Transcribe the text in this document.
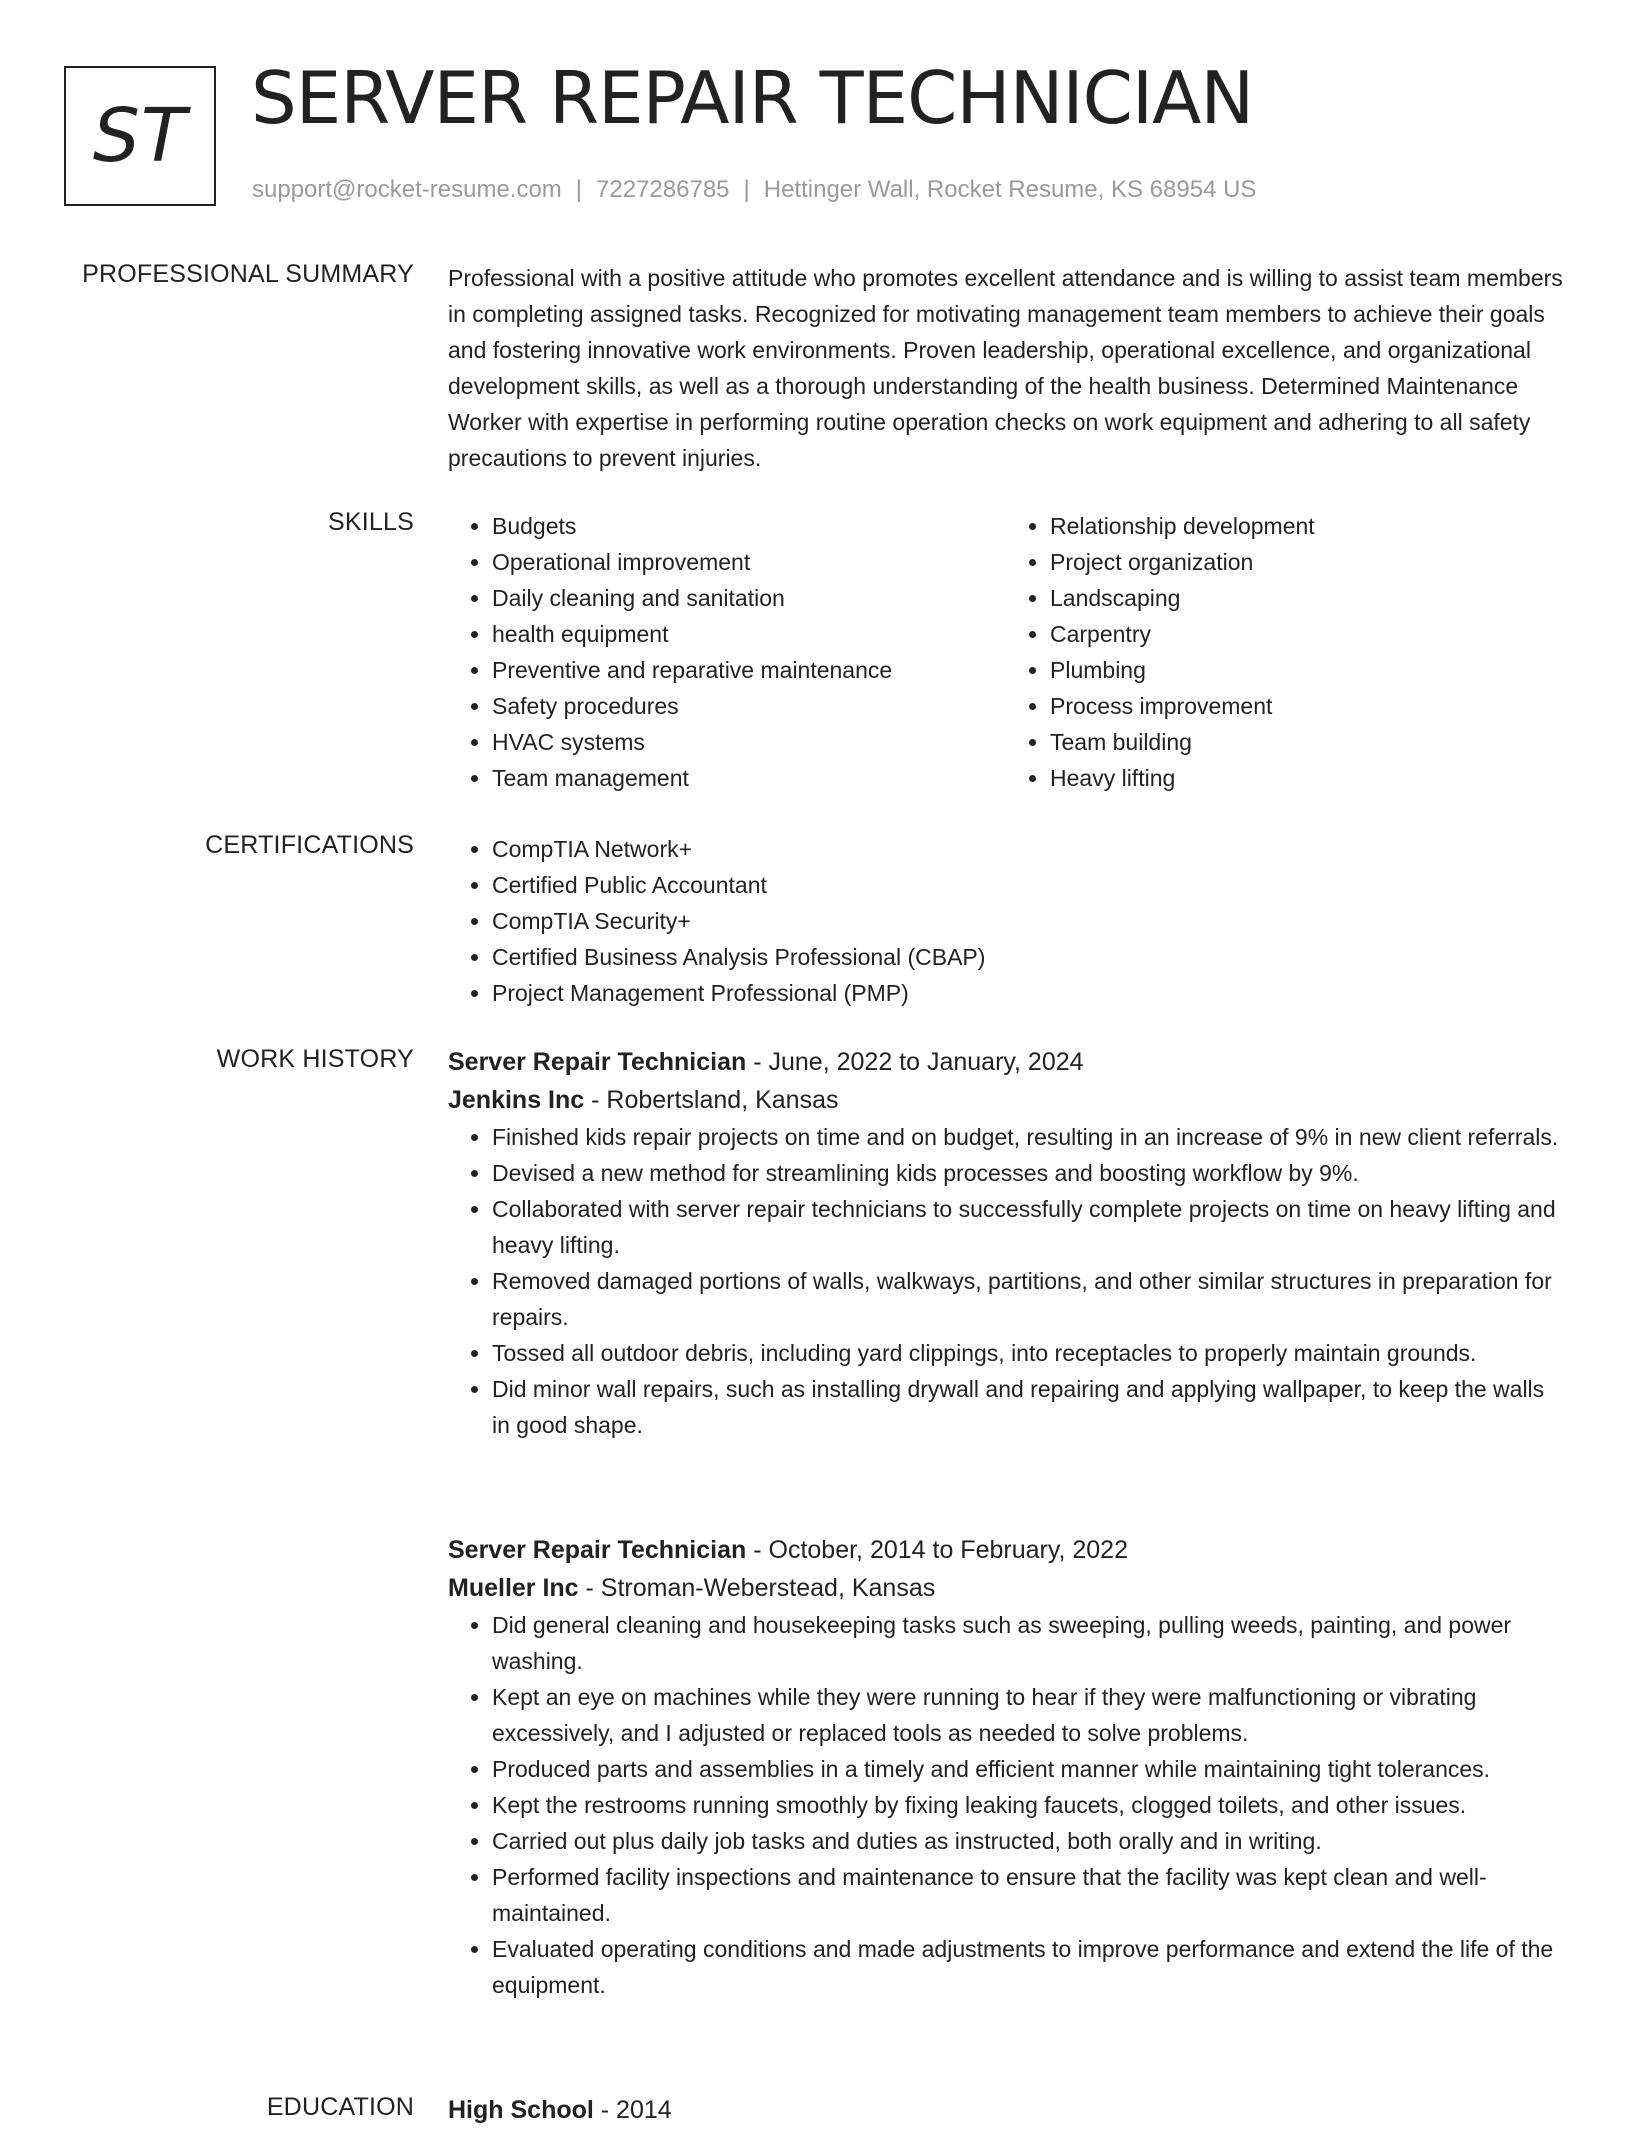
ST SERVER REPAIR TECHNICIAN
support@rocket-resume.com | 7227286785 | Hettinger Wall, Rocket Resume, KS 68954 US
PROFESSIONAL SUMMARY Professional with a positive attitude who promotes excellent attendance and is willing to assist team members in completing assigned tasks. Recognized for motivating management team members to achieve their goals and fostering innovative work environments. Proven leadership, operational excellence, and organizational development skills, as well as a thorough understanding of the health business. Determined Maintenance Worker with expertise in performing routine operation checks on work equipment and adhering to all safety precautions to prevent injuries.

SKILLS	• Budgets
• Operational improvement
• Daily cleaning and sanitation
• health equipment
• Preventive and reparative maintenance
• Safety procedures
• HVAC systems
• Team management
• Relationship development
• Project organization
• Landscaping
• Carpentry
• Plumbing
• Process improvement
• Team building
• Heavy lifting
CERTIFICATIONS	• CompTIA Network+
• Certified Public Accountant
• CompTIA Security+
• Certified Business Analysis Professional (CBAP)
• Project Management Professional (PMP)
WORK HISTORY Server Repair Technician - June, 2022 to January, 2024
Jenkins Inc - Robertsland, Kansas
• Finished kids repair projects on time and on budget, resulting in an increase of 9% in new client referrals.
• Devised a new method for streamlining kids processes and boosting workflow by 9%.
• Collaborated with server repair technicians to successfully complete projects on time on heavy lifting and heavy lifting.
• Removed damaged portions of walls, walkways, partitions, and other similar structures in preparation for repairs.
• Tossed all outdoor debris, including yard clippings, into receptacles to properly maintain grounds.
• Did minor wall repairs, such as installing drywall and repairing and applying wallpaper, to keep the walls in good shape.
Server Repair Technician - October, 2014 to February, 2022
Mueller Inc - Stroman-Weberstead, Kansas
• Did general cleaning and housekeeping tasks such as sweeping, pulling weeds, painting, and power washing.
• Kept an eye on machines while they were running to hear if they were malfunctioning or vibrating excessively, and I adjusted or replaced tools as needed to solve problems.
• Produced parts and assemblies in a timely and efficient manner while maintaining tight tolerances.
• Kept the restrooms running smoothly by fixing leaking faucets, clogged toilets, and other issues.
• Carried out plus daily job tasks and duties as instructed, both orally and in writing.
• Performed facility inspections and maintenance to ensure that the facility was kept clean and well-maintained.
• Evaluated operating conditions and made adjustments to improve performance and extend the life of the equipment.
EDUCATION High School - 2014
